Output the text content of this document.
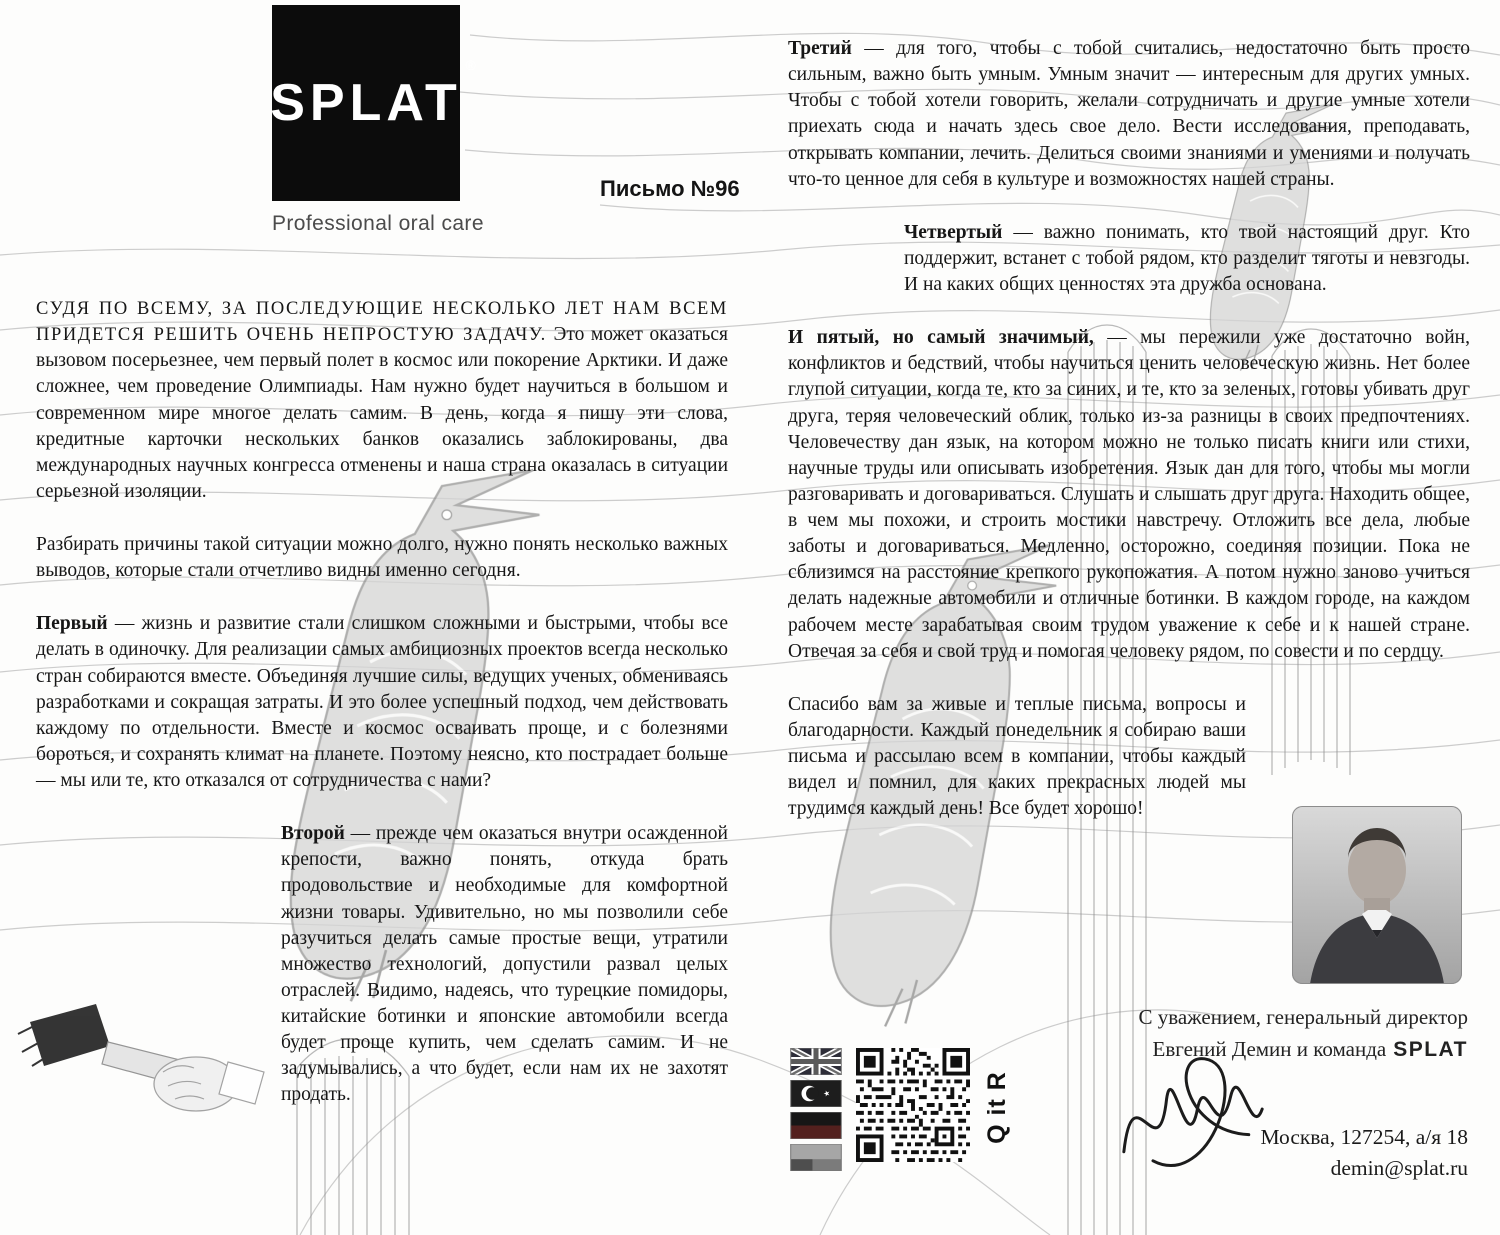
SPLAT
®
Professional oral care
Письмо №96

СУДЯ ПО ВСЕМУ, ЗА ПОСЛЕДУЮЩИЕ НЕСКОЛЬКО ЛЕТ НАМ ВСЕМ ПРИДЕТСЯ РЕШИТЬ ОЧЕНЬ НЕПРОСТУЮ ЗАДАЧУ. Это может оказаться вызовом посерьезнее, чем первый полет в космос или покорение Арктики. И даже сложнее, чем проведение Олимпиады. Нам нужно будет научиться в большом и современном мире многое делать самим. В день, когда я пишу эти слова, кредитные карточки нескольких банков оказались заблокированы, два международных научных конгресса отменены и наша страна оказалась в ситуации серьезной изоляции.

Разбирать причины такой ситуации можно долго, нужно понять несколько важных выводов, которые стали отчетливо видны именно сегодня.

Первый — жизнь и развитие стали слишком сложными и быстрыми, чтобы все делать в одиночку. Для реализации самых амбициозных проектов всегда несколько стран собираются вместе. Объединяя лучшие силы, ведущих ученых, обмениваясь разработками и сокращая затраты. И это более успешный подход, чем действовать каждому по отдельности. Вместе и космос осваивать проще, и с болезнями бороться, и сохранять климат на планете. Поэтому неясно, кто пострадает больше — мы или те, кто отказался от сотрудничества с нами?

Второй — прежде чем оказаться внутри осажденной крепости, важно понять, откуда брать продовольствие и необходимые для комфортной жизни товары. Удивительно, но мы позволили себе разучиться делать самые простые вещи, утратили множество технологий, допустили развал целых отраслей. Видимо, надеясь, что турецкие помидоры, китайские ботинки и японские автомобили всегда будет проще купить, чем сделать самим. И не задумывались, а что будет, если нам их не захотят продать.

Третий — для того, чтобы с тобой считались, недостаточно быть просто сильным, важно быть умным. Умным значит — интересным для других умных. Чтобы с тобой хотели говорить, желали сотрудничать и другие умные хотели приехать сюда и начать здесь свое дело. Вести исследования, преподавать, открывать компании, лечить. Делиться своими знаниями и умениями и получать что-то ценное для себя в культуре и возможностях нашей страны.

Четвертый — важно понимать, кто твой настоящий друг. Кто поддержит, встанет с тобой рядом, кто разделит тяготы и невзгоды. И на каких общих ценностях эта дружба основана.

И пятый, но самый значимый, — мы пережили уже достаточно войн, конфликтов и бедствий, чтобы научиться ценить человеческую жизнь. Нет более глупой ситуации, когда те, кто за синих, и те, кто за зеленых, готовы убивать друг друга, теряя человеческий облик, только из-за разницы в своих предпочтениях. Человечеству дан язык, на котором можно не только писать книги или стихи, научные труды или описывать изобретения. Язык дан для того, чтобы мы могли разговаривать и договариваться. Слушать и слышать друг друга. Находить общее, в чем мы похожи, и строить мостики навстречу. Отложить все дела, любые заботы и договариваться. Медленно, осторожно, соединяя позиции. Пока не сблизимся на расстояние крепкого рукопожатия. А потом нужно заново учиться делать надежные автомобили и отличные ботинки. В каждом городе, на каждом рабочем месте зарабатывая своим трудом уважение к себе и к нашей стране. Отвечая за себя и свой труд и помогая человеку рядом, по совести и по сердцу.

Спасибо вам за живые и теплые письма, вопросы и благодарности. Каждый понедельник я собираю ваши письма и рассылаю всем в компании, чтобы каждый видел и помнил, для каких прекрасных людей мы трудимся каждый день! Все будет хорошо!

С уважением, генеральный директор
Евгений Демин и команда SPLAT
Москва, 127254, а/я 18
demin@splat.ru
Q it R
